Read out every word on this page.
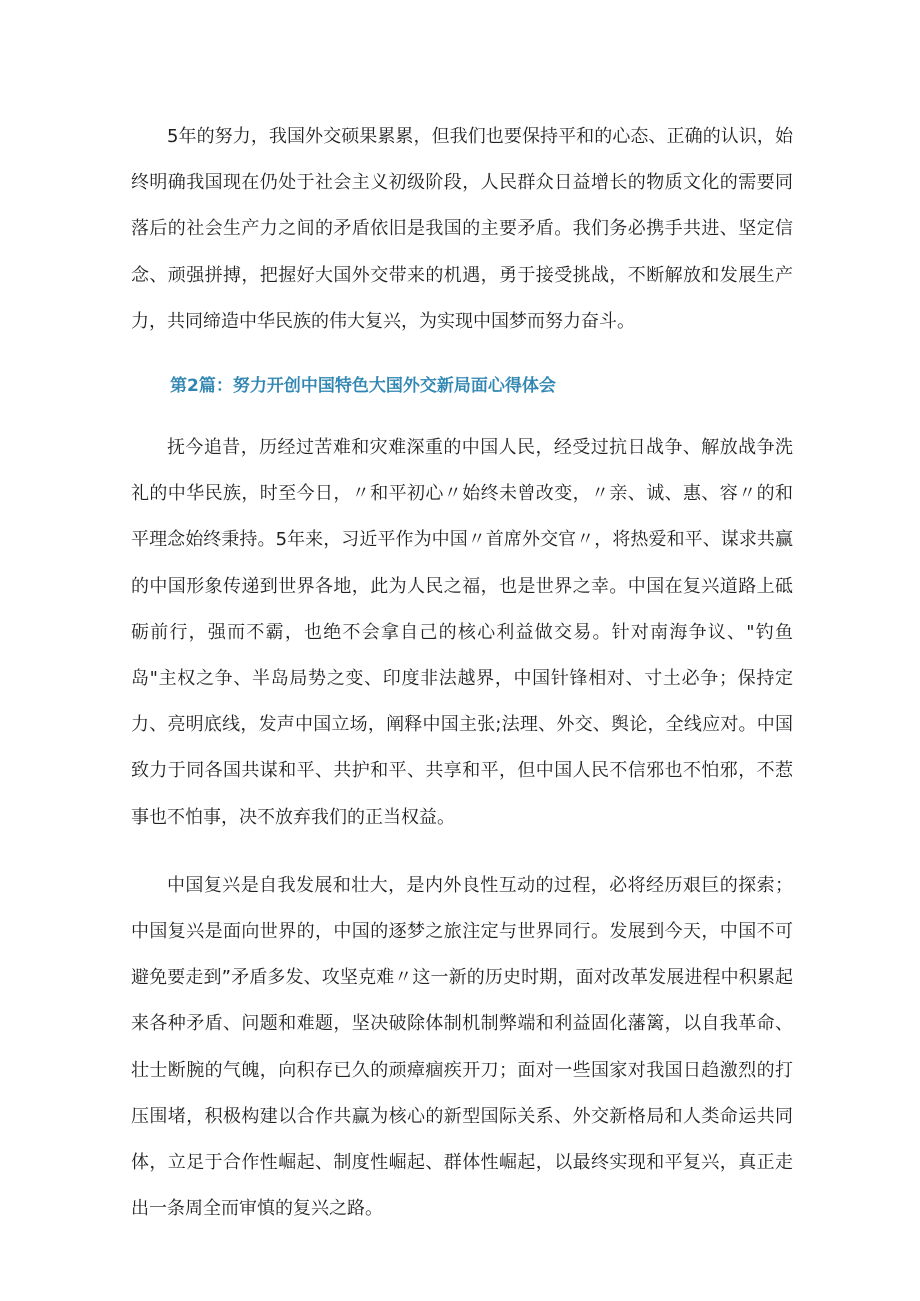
5年的努力，我国外交硕果累累，但我们也要保持平和的心态、正确的认识，始终明确我国现在仍处于社会主义初级阶段，人民群众日益增长的物质文化的需要同落后的社会生产力之间的矛盾依旧是我国的主要矛盾。我们务必携手共进、坚定信念、顽强拼搏，把握好大国外交带来的机遇，勇于接受挑战，不断解放和发展生产力，共同缔造中华民族的伟大复兴，为实现中国梦而努力奋斗。

第2篇：努力开创中国特色大国外交新局面心得体会

抚今追昔，历经过苦难和灾难深重的中国人民，经受过抗日战争、解放战争洗礼的中华民族，时至今日，〃和平初心〃始终未曾改变，〃亲、诚、惠、容〃的和平理念始终秉持。5年来，习近平作为中国〃首席外交官〃，将热爱和平、谋求共赢的中国形象传递到世界各地，此为人民之福，也是世界之幸。中国在复兴道路上砥砺前行，强而不霸，也绝不会拿自己的核心利益做交易。针对南海争议、"钓鱼岛"主权之争、半岛局势之变、印度非法越界，中国针锋相对、寸土必争；保持定力、亮明底线，发声中国立场，阐释中国主张;法理、外交、舆论，全线应对。中国致力于同各国共谋和平、共护和平、共享和平，但中国人民不信邪也不怕邪，不惹事也不怕事，决不放弃我们的正当权益。

中国复兴是自我发展和壮大，是内外良性互动的过程，必将经历艰巨的探索；中国复兴是面向世界的，中国的逐梦之旅注定与世界同行。发展到今天，中国不可避免要走到”矛盾多发、攻坚克难〃这一新的历史时期，面对改革发展进程中积累起来各种矛盾、问题和难题，坚决破除体制机制弊端和利益固化藩篱，以自我革命、壮士断腕的气魄，向积存已久的顽瘴痼疾开刀；面对一些国家对我国日趋激烈的打压围堵，积极构建以合作共赢为核心的新型国际关系、外交新格局和人类命运共同体，立足于合作性崛起、制度性崛起、群体性崛起，以最终实现和平复兴，真正走出一条周全而审慎的复兴之路。
